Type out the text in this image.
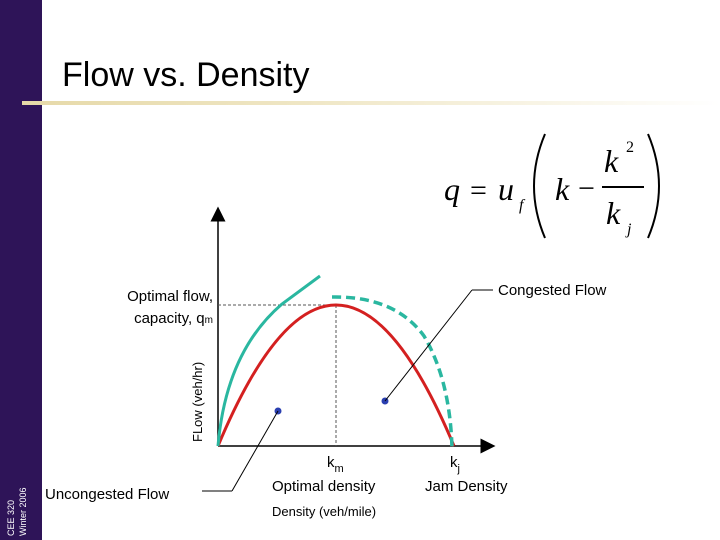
CEE 320 Winter 2006
Flow vs. Density
q = u f k −
k 2
k j
FLow (veh/hr)
Optimal flow,
capacity, qm
$k_m$
Optimal density
Density (veh/mile)
$k_j$
Jam Density
Congested Flow
Uncongested Flow
